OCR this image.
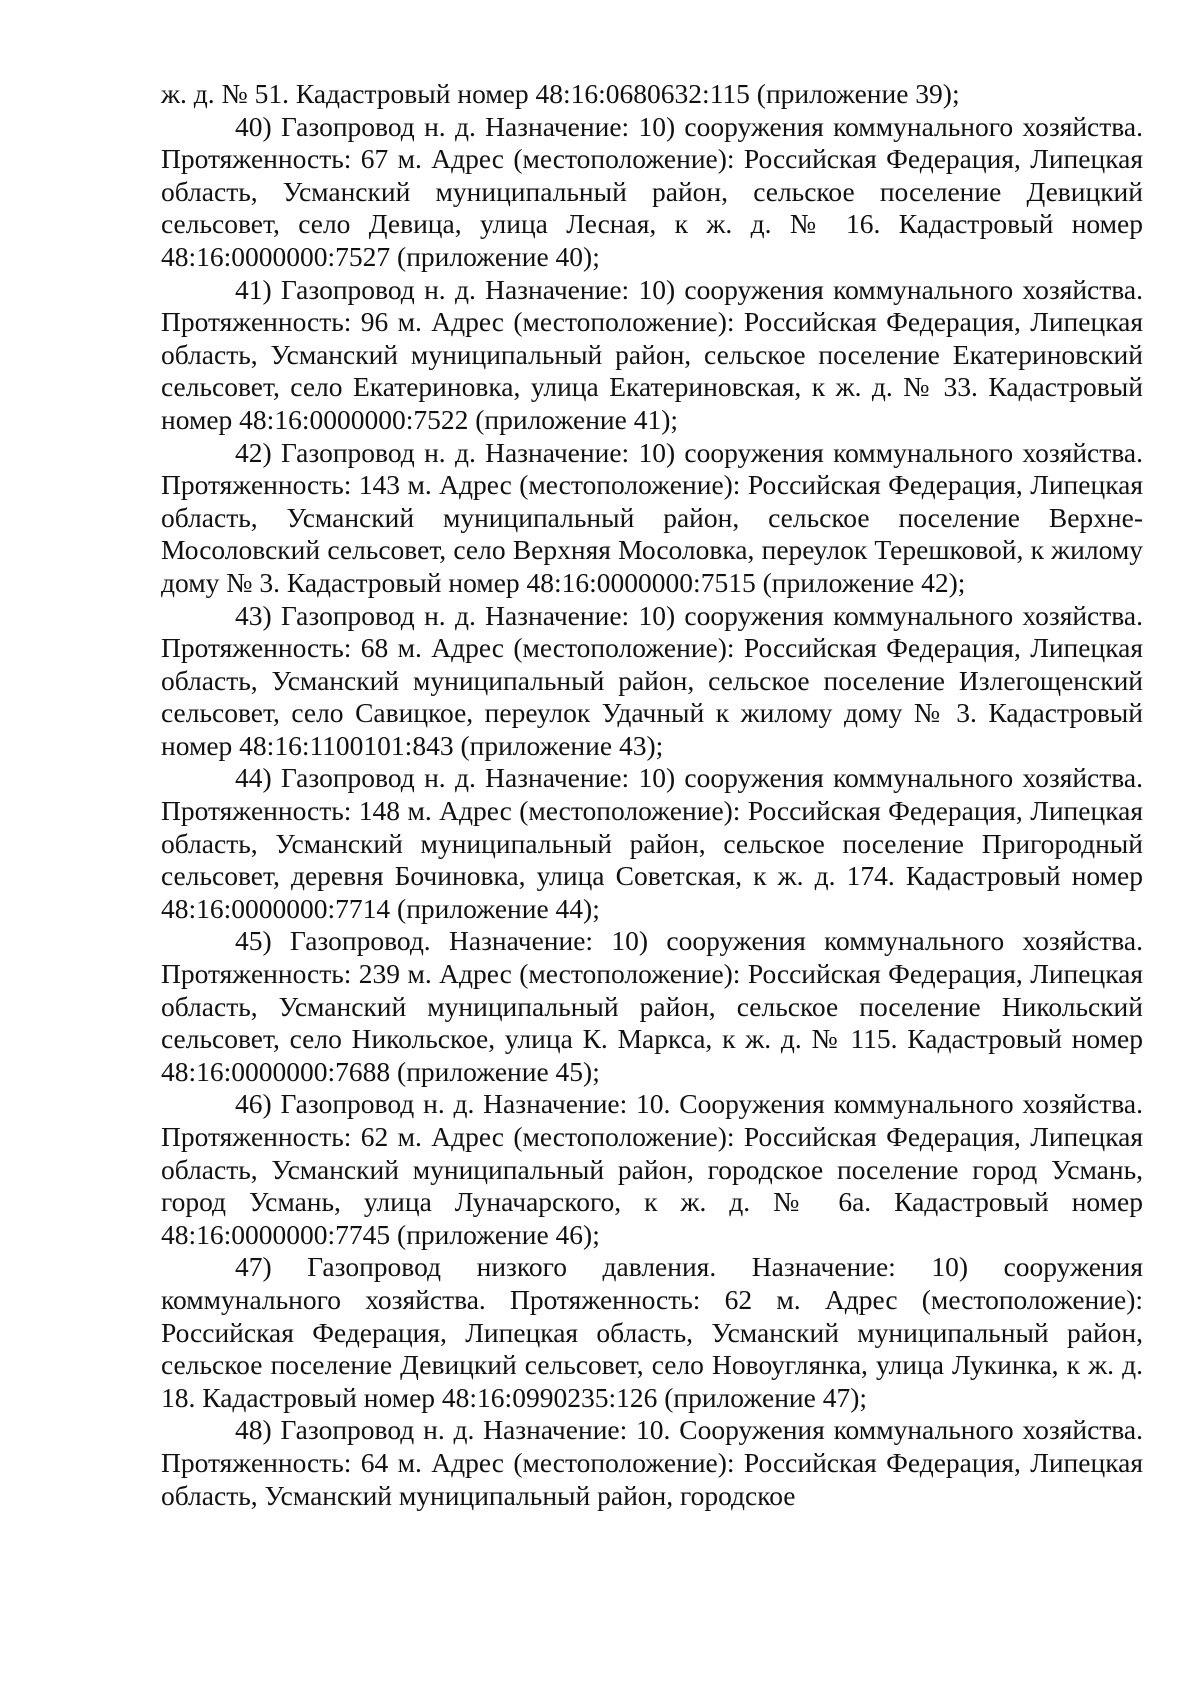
ж. д. № 51. Кадастровый номер 48:16:0680632:115 (приложение 39);

40) Газопровод н. д. Назначение: 10) сооружения коммунального хозяйства. Протяженность: 67 м. Адрес (местоположение): Российская Федерация, Липецкая область, Усманский муниципальный район, сельское поселение Девицкий сельсовет, село Девица, улица Лесная, к ж. д. № 16. Кадастровый номер 48:16:0000000:7527 (приложение 40);

41) Газопровод н. д. Назначение: 10) сооружения коммунального хозяйства. Протяженность: 96 м. Адрес (местоположение): Российская Федерация, Липецкая область, Усманский муниципальный район, сельское поселение Екатериновский сельсовет, село Екатериновка, улица Екатериновская, к ж. д. № 33. Кадастровый номер 48:16:0000000:7522 (приложение 41);

42) Газопровод н. д. Назначение: 10) сооружения коммунального хозяйства. Протяженность: 143 м. Адрес (местоположение): Российская Федерация, Липецкая область, Усманский муниципальный район, сельское поселение Верхне-Мосоловский сельсовет, село Верхняя Мосоловка, переулок Терешковой, к жилому дому № 3. Кадастровый номер 48:16:0000000:7515 (приложение 42);

43) Газопровод н. д. Назначение: 10) сооружения коммунального хозяйства. Протяженность: 68 м. Адрес (местоположение): Российская Федерация, Липецкая область, Усманский муниципальный район, сельское поселение Излегощенский сельсовет, село Савицкое, переулок Удачный к жилому дому № 3. Кадастровый номер 48:16:1100101:843 (приложение 43);

44) Газопровод н. д. Назначение: 10) сооружения коммунального хозяйства. Протяженность: 148 м. Адрес (местоположение): Российская Федерация, Липецкая область, Усманский муниципальный район, сельское поселение Пригородный сельсовет, деревня Бочиновка, улица Советская, к ж. д. 174. Кадастровый номер 48:16:0000000:7714 (приложение 44);

45) Газопровод. Назначение: 10) сооружения коммунального хозяйства. Протяженность: 239 м. Адрес (местоположение): Российская Федерация, Липецкая область, Усманский муниципальный район, сельское поселение Никольский сельсовет, село Никольское, улица К. Маркса, к ж. д. № 115. Кадастровый номер 48:16:0000000:7688 (приложение 45);

46) Газопровод н. д. Назначение: 10. Сооружения коммунального хозяйства. Протяженность: 62 м. Адрес (местоположение): Российская Федерация, Липецкая область, Усманский муниципальный район, городское поселение город Усмань, город Усмань, улица Луначарского, к ж. д. № 6а. Кадастровый номер 48:16:0000000:7745 (приложение 46);

47) Газопровод низкого давления. Назначение: 10) сооружения коммунального хозяйства. Протяженность: 62 м. Адрес (местоположение): Российская Федерация, Липецкая область, Усманский муниципальный район, сельское поселение Девицкий сельсовет, село Новоуглянка, улица Лукинка, к ж. д. 18. Кадастровый номер 48:16:0990235:126 (приложение 47);

48) Газопровод н. д. Назначение: 10. Сооружения коммунального хозяйства. Протяженность: 64 м. Адрес (местоположение): Российская Федерация, Липецкая область, Усманский муниципальный район, городское
